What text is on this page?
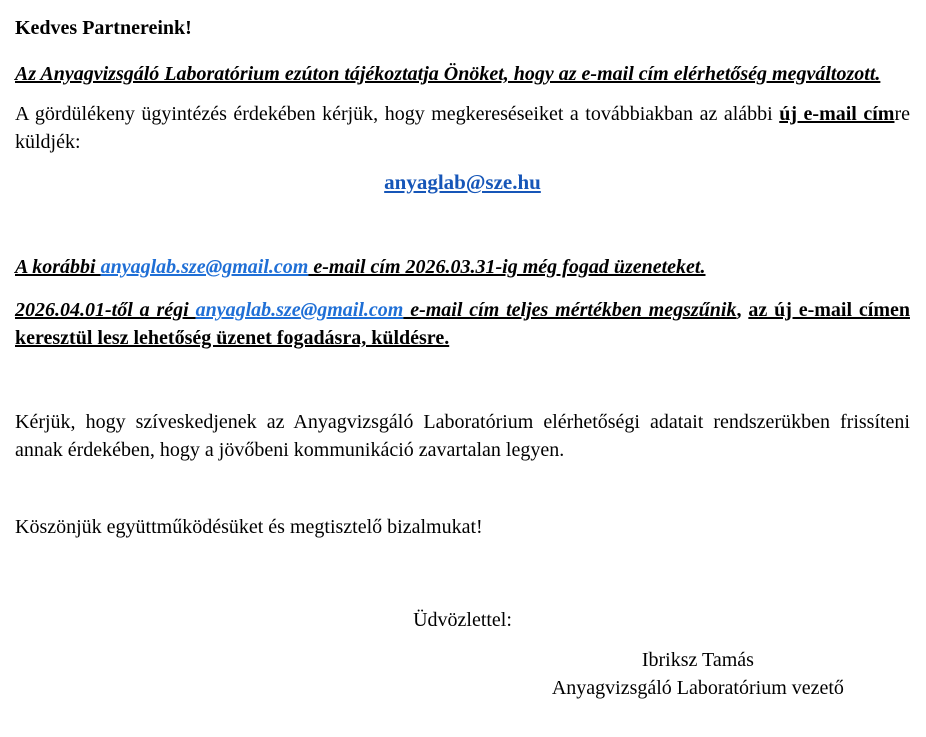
Kedves Partnereink!

Az Anyagvizsgáló Laboratórium ezúton tájékoztatja Önöket, hogy az e-mail cím elérhetőség megváltozott.

A gördülékeny ügyintézés érdekében kérjük, hogy megkereséseiket a továbbiakban az alábbi új e-mail címre küldjék:

anyaglab@sze.hu

A korábbi anyaglab.sze@gmail.com e-mail cím 2026.03.31-ig még fogad üzeneteket.

2026.04.01-től a régi anyaglab.sze@gmail.com e-mail cím teljes mértékben megszűnik, az új e-mail címen keresztül lesz lehetőség üzenet fogadásra, küldésre.

Kérjük, hogy szíveskedjenek az Anyagvizsgáló Laboratórium elérhetőségi adatait rendszerükben frissíteni annak érdekében, hogy a jövőbeni kommunikáció zavartalan legyen.

Köszönjük együttműködésüket és megtisztelő bizalmukat!

Üdvözlettel:

Ibriksz Tamás

Anyagvizsgáló Laboratórium vezető
